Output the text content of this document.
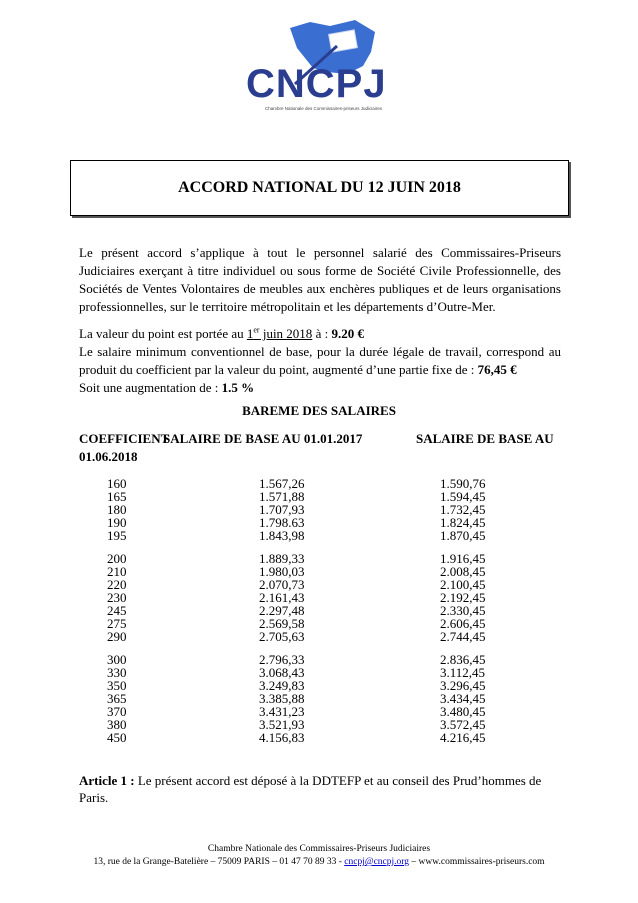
CNCPJ
Chambre Nationale des Commissaires-priseurs Judiciaires
ACCORD NATIONAL DU 12 JUIN 2018
Le présent accord s’applique à tout le personnel salarié des Commissaires-Priseurs Judiciaires exerçant à titre individuel ou sous forme de Société Civile Professionnelle, des Sociétés de Ventes Volontaires de meubles aux enchères publiques et de leurs organisations professionnelles, sur le territoire métropolitain et les départements d’Outre-Mer.
La valeur du point est portée au 1er juin 2018 à : 9.20 €
Le salaire minimum conventionnel de base, pour la durée légale de travail, correspond au
produit du coefficient par la valeur du point, augmenté d’une partie fixe de : 76,45 €
Soit une augmentation de : 1.5 %
BAREME DES SALAIRES
COEFFICIENT
SALAIRE DE BASE AU 01.01.2017	SALAIRE DE BASE AU
01.06.2018
160	1.567,26	1.590,76
165	1.571,88	1.594,45
180	1.707,93	1.732,45
190	1.798.63	1.824,45
195	1.843,98	1.870,45
200	1.889,33	1.916,45
210	1.980,03	2.008,45
220	2.070,73	2.100,45
230	2.161,43	2.192,45
245	2.297,48	2.330,45
275	2.569,58	2.606,45
290	2.705,63	2.744,45
300	2.796,33	2.836,45
330	3.068,43	3.112,45
350	3.249,83	3.296,45
365	3.385,88	3.434,45
370	3.431,23	3.480,45
380	3.521,93	3.572,45
450	4.156,83	4.216,45
Article 1 : Le présent accord est déposé à la DDTEFP et au conseil des Prud’hommes de Paris.
Chambre Nationale des Commissaires-Priseurs Judiciaires
13, rue de la Grange-Batelière – 75009 PARIS – 01 47 70 89 33 - cncpj@cncpj.org – www.commissaires-priseurs.com
